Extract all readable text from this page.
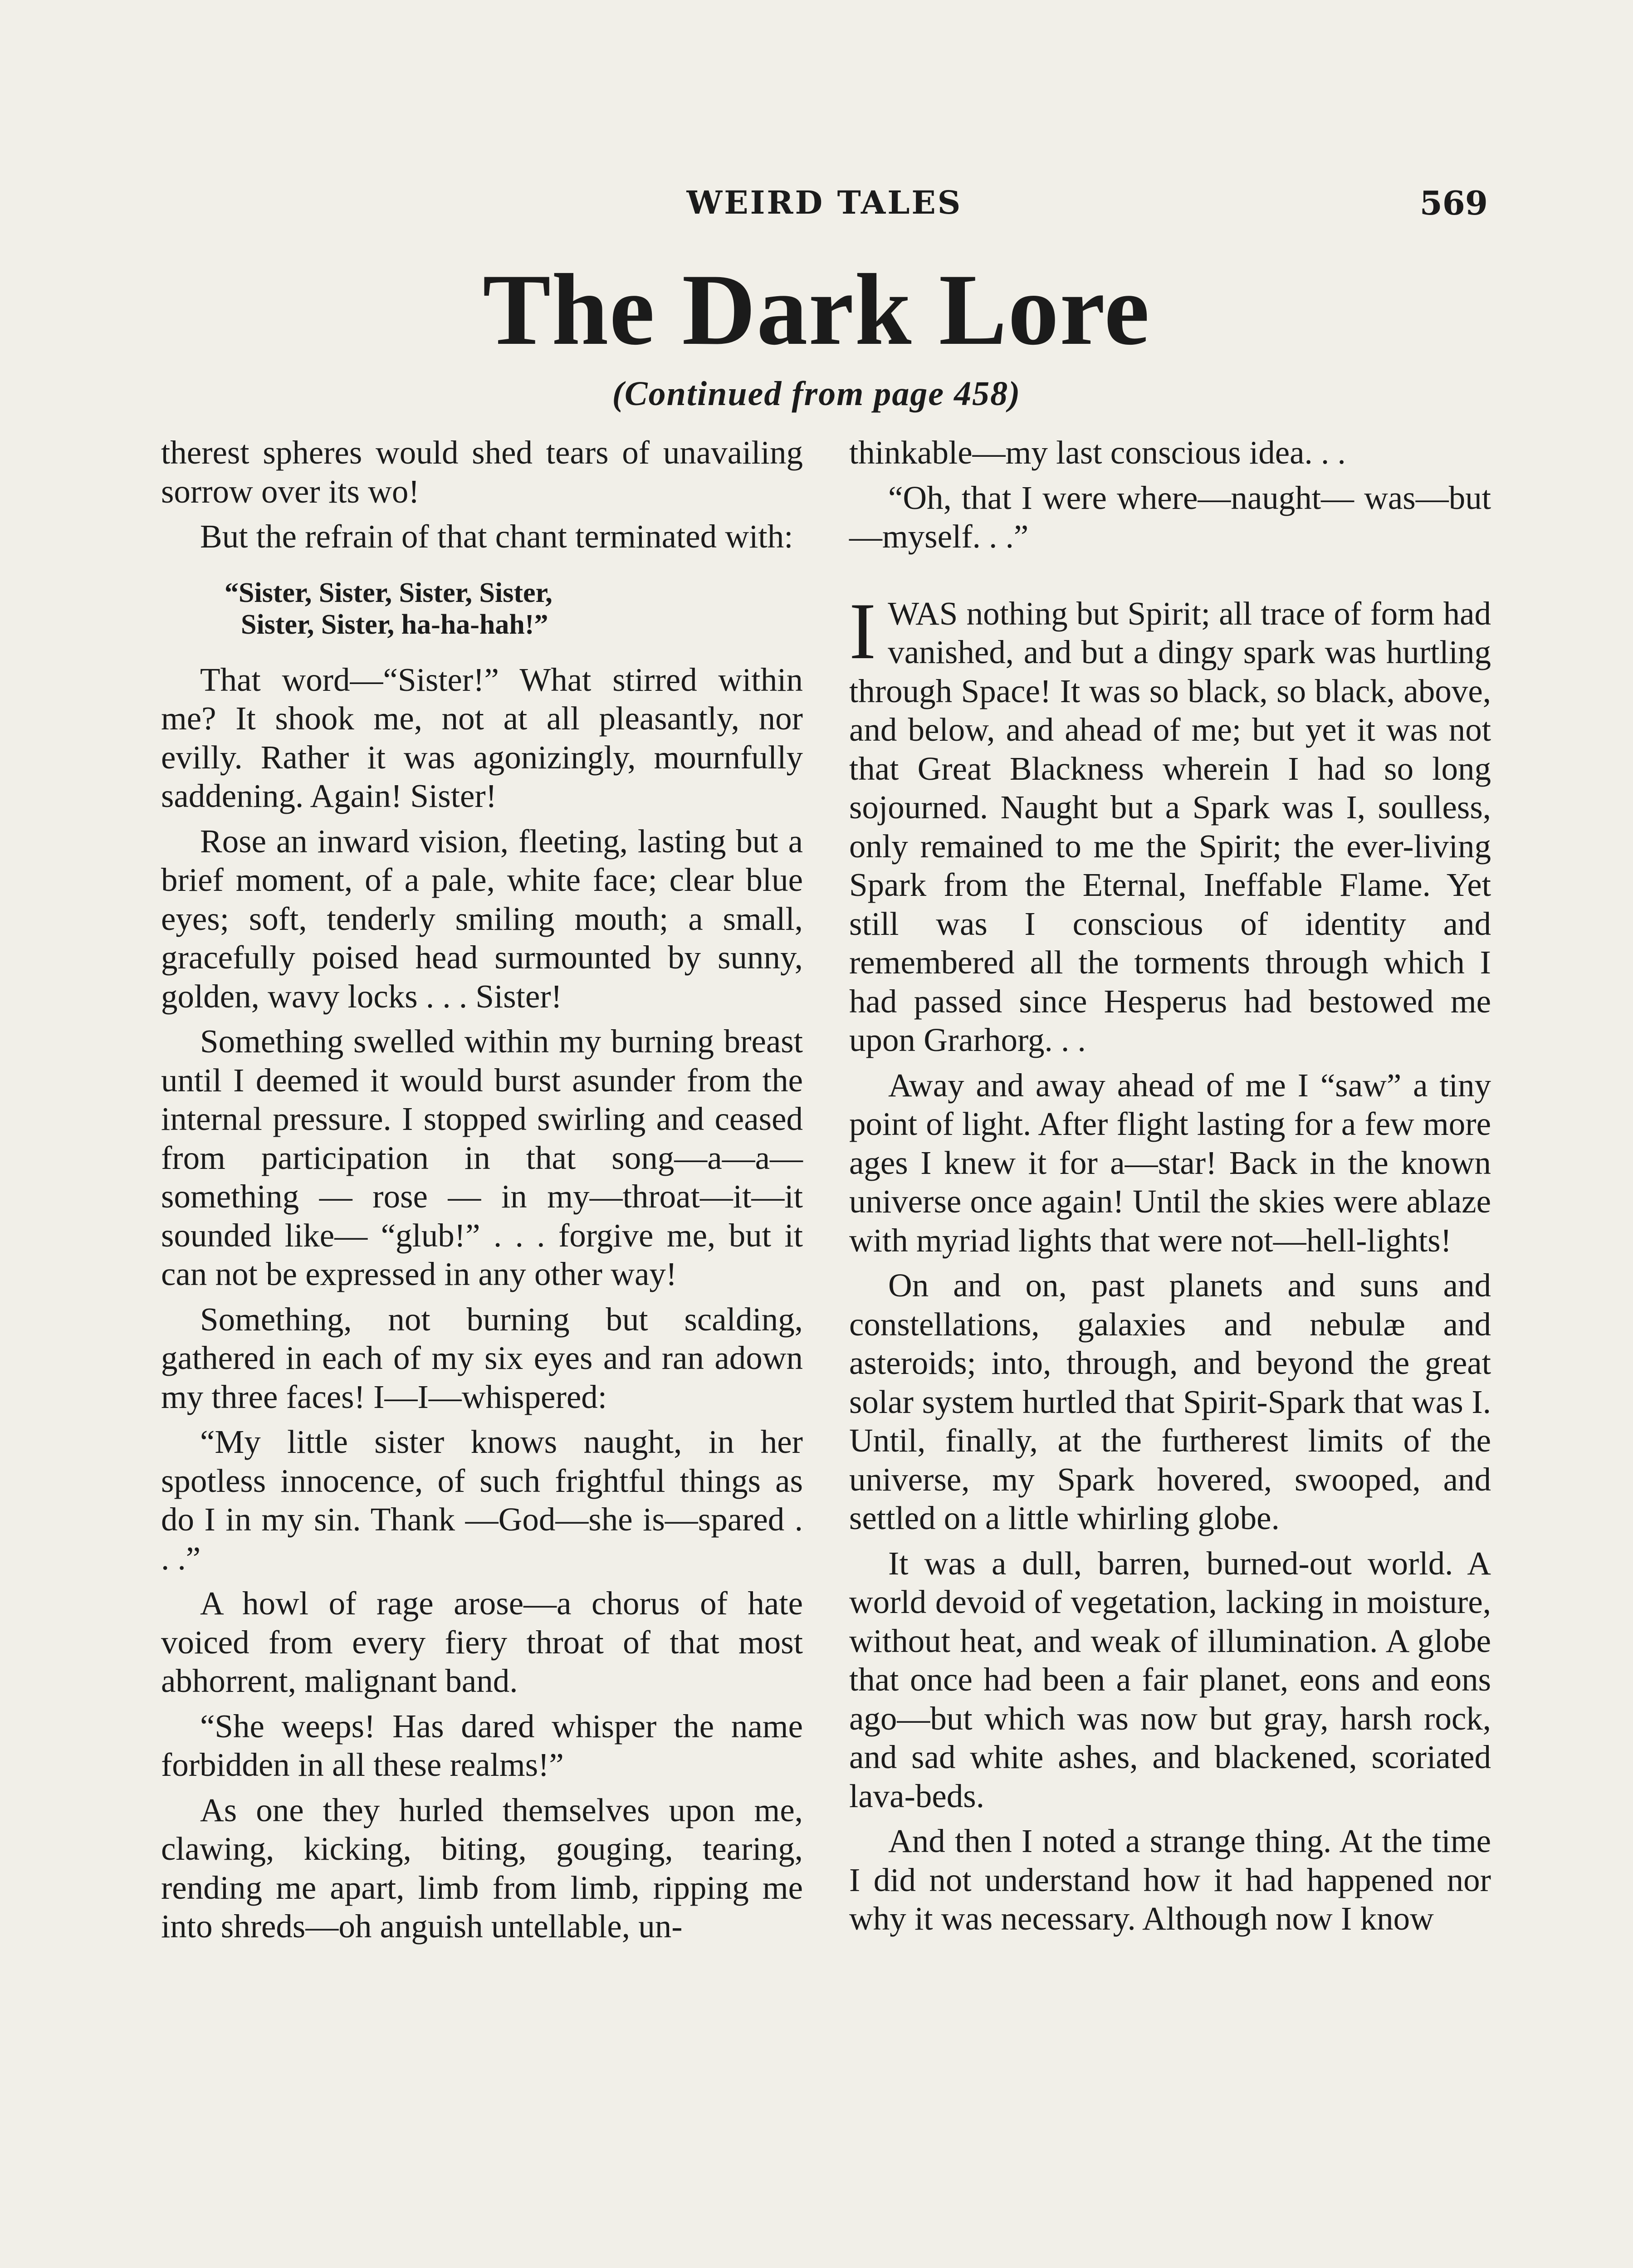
WEIRD TALES	569
The Dark Lore
(Continued from page 458)

therest spheres would shed tears of unavailing sorrow over its wo!

But the refrain of that chant terminated with:

“Sister, Sister, Sister, Sister,
Sister, Sister, ha-ha-hah!”

That word—“Sister!” What stirred within me? It shook me, not at all pleasantly, nor evilly. Rather it was agonizingly, mournfully saddening. Again! Sister!

Rose an inward vision, fleeting, lasting but a brief moment, of a pale, white face; clear blue eyes; soft, tenderly smiling mouth; a small, gracefully poised head surmounted by sunny, golden, wavy locks . . . Sister!

Something swelled within my burning breast until I deemed it would burst asunder from the internal pressure. I stopped swirling and ceased from participation in that song—a—a—something — rose — in my—throat—it—it sounded like— “glub!” . . . forgive me, but it can not be expressed in any other way!

Something, not burning but scalding, gathered in each of my six eyes and ran adown my three faces! I—I—whispered:

“My little sister knows naught, in her spotless innocence, of such frightful things as do I in my sin. Thank —God—she is—spared . . .”

A howl of rage arose—a chorus of hate voiced from every fiery throat of that most abhorrent, malignant band.

“She weeps! Has dared whisper the name forbidden in all these realms!”

As one they hurled themselves upon me, clawing, kicking, biting, gouging, tearing, rending me apart, limb from limb, ripping me into shreds—oh anguish untellable, un-

thinkable—my last conscious idea. . .

“Oh, that I were where—naught— was—but—myself. . .”

IWAS nothing but Spirit; all trace of form had vanished, and but a dingy spark was hurtling through Space! It was so black, so black, above, and below, and ahead of me; but yet it was not that Great Blackness wherein I had so long sojourned. Naught but a Spark was I, soulless, only remained to me the Spirit; the ever-living Spark from the Eternal, Ineffable Flame. Yet still was I conscious of identity and remembered all the torments through which I had passed since Hesperus had bestowed me upon Grarhorg. . .

Away and away ahead of me I “saw” a tiny point of light. After flight lasting for a few more ages I knew it for a—star! Back in the known universe once again! Until the skies were ablaze with myriad lights that were not—hell-lights!

On and on, past planets and suns and constellations, galaxies and nebulæ and asteroids; into, through, and beyond the great solar system hurtled that Spirit-Spark that was I. Until, finally, at the furtherest limits of the universe, my Spark hovered, swooped, and settled on a little whirling globe.

It was a dull, barren, burned-out world. A world devoid of vegetation, lacking in moisture, without heat, and weak of illumination. A globe that once had been a fair planet, eons and eons ago—but which was now but gray, harsh rock, and sad white ashes, and blackened, scoriated lava-beds.

And then I noted a strange thing. At the time I did not understand how it had happened nor why it was necessary. Although now I know
